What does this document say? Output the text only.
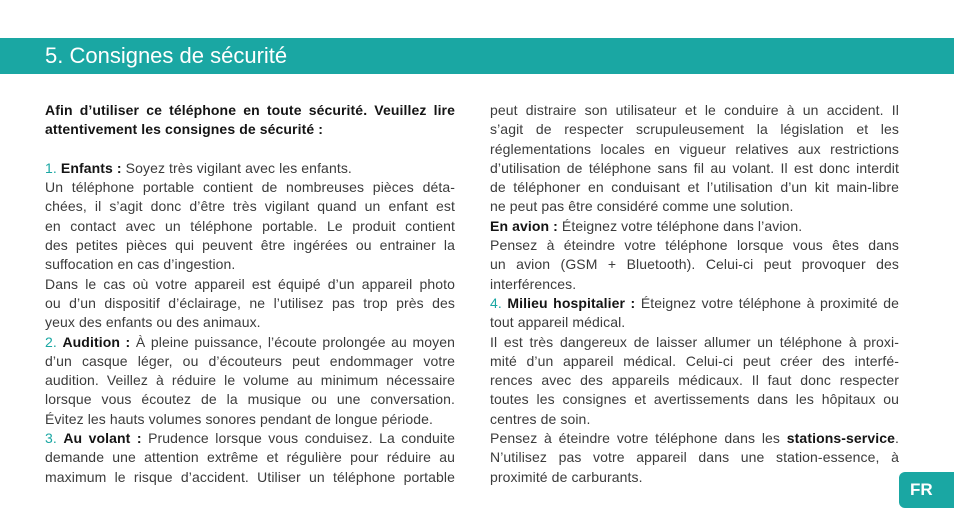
5. Consignes de sécurité
Afin d’utiliser ce téléphone en toute sécurité. Veuillez lire
attentivement les consignes de sécurité :
1. Enfants : Soyez très vigilant avec les enfants.
Un téléphone portable contient de nombreuses pièces déta-
chées, il s’agit donc d’être très vigilant quand un enfant est
en contact avec un téléphone portable. Le produit contient
des petites pièces qui peuvent être ingérées ou entrainer la
suffocation en cas d’ingestion.
Dans le cas où votre appareil est équipé d’un appareil photo
ou d’un dispositif d’éclairage, ne l’utilisez pas trop près des
yeux des enfants ou des animaux.
2. Audition : À pleine puissance, l’écoute prolongée au moyen
d’un casque léger, ou d’écouteurs peut endommager votre
audition. Veillez à réduire le volume au minimum nécessaire
lorsque vous écoutez de la musique ou une conversation.
Évitez les hauts volumes sonores pendant de longue période.
3. Au volant : Prudence lorsque vous conduisez. La conduite
demande une attention extrême et régulière pour réduire au
maximum le risque d’accident. Utiliser un téléphone portable
peut distraire son utilisateur et le conduire à un accident. Il
s’agit de respecter scrupuleusement la législation et les
réglementations locales en vigueur relatives aux restrictions
d’utilisation de téléphone sans fil au volant. Il est donc interdit
de téléphoner en conduisant et l’utilisation d’un kit main-libre
ne peut pas être considéré comme une solution.
En avion : Éteignez votre téléphone dans l’avion.
Pensez à éteindre votre téléphone lorsque vous êtes dans
un avion (GSM + Bluetooth). Celui-ci peut provoquer des
interférences.
4. Milieu hospitalier : Éteignez votre téléphone à proximité de
tout appareil médical.
Il est très dangereux de laisser allumer un téléphone à proxi-
mité d’un appareil médical. Celui-ci peut créer des interfé-
rences avec des appareils médicaux. Il faut donc respecter
toutes les consignes et avertissements dans les hôpitaux ou
centres de soin.
Pensez à éteindre votre téléphone dans les stations-service.
N’utilisez pas votre appareil dans une station-essence, à
proximité de carburants.
FR
